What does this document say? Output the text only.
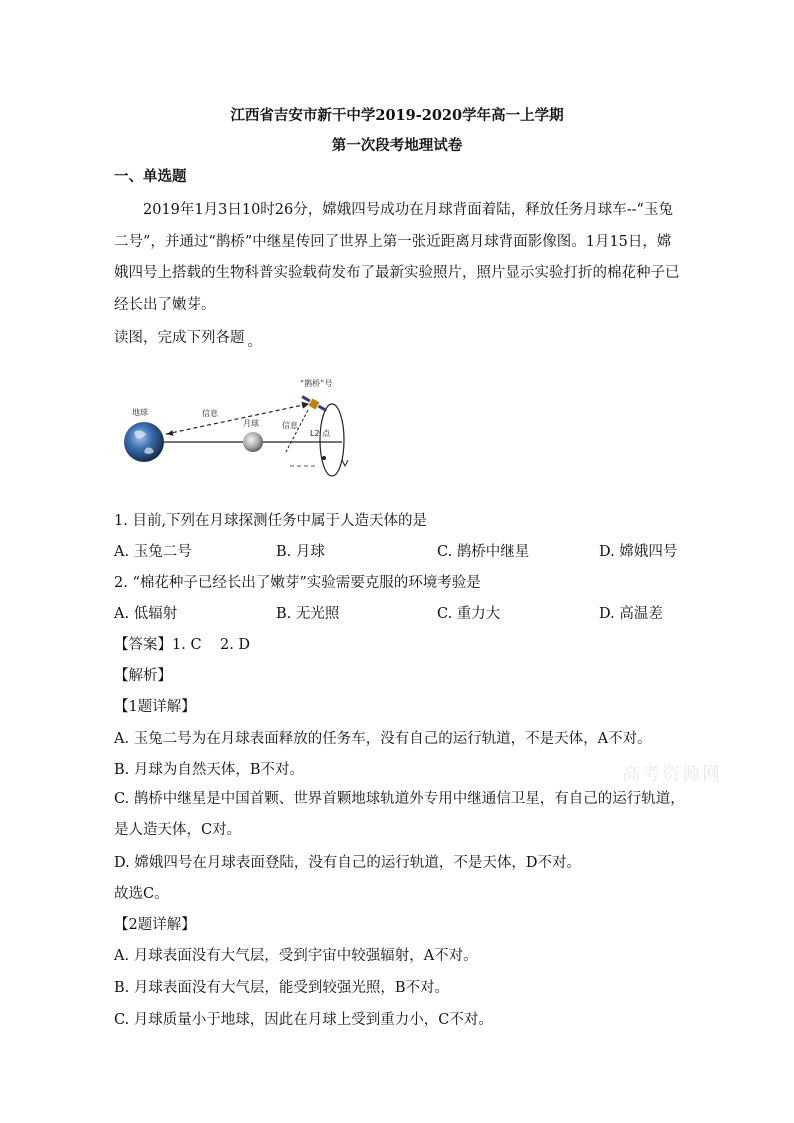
江西省吉安市新干中学2019-2020学年高一上学期
第一次段考地理试卷
一、单选题

2019年1月3日10时26分，嫦娥四号成功在月球背面着陆，释放任务月球车--“玉兔二号”，并通过“鹊桥”中继星传回了世界上第一张近距离月球背面影像图。1月15日，嫦娥四号上搭载的生物科普实验载荷发布了最新实验照片，照片显示实验打折的棉花种子已经长出了嫩芽。

读图，完成下列各题 。
地球	信息
月球	信息
L2 点
“鹊桥”号
1. 目前,下列在月球探测任务中属于人造天体的是
A. 玉兔二号	B. 月球	C. 鹊桥中继星	D. 嫦娥四号
2. “棉花种子已经长出了嫩芽”实验需要克服的环境考验是
A. 低辐射	B. 无光照	C. 重力大	D. 高温差
【答案】1. C    2. D
【解析】
【1题详解】
A. 玉兔二号为在月球表面释放的任务车，没有自己的运行轨道，不是天体，A不对。
B. 月球为自然天体，B不对。

C. 鹊桥中继星是中国首颗、世界首颗地球轨道外专用中继通信卫星，有自己的运行轨道，是人造天体，C对。

D. 嫦娥四号在月球表面登陆，没有自己的运行轨道，不是天体，D不对。
故选C。
【2题详解】
A. 月球表面没有大气层，受到宇宙中较强辐射，A不对。
B. 月球表面没有大气层，能受到较强光照，B不对。
C. 月球质量小于地球，因此在月球上受到重力小，C不对。
高考资源网
